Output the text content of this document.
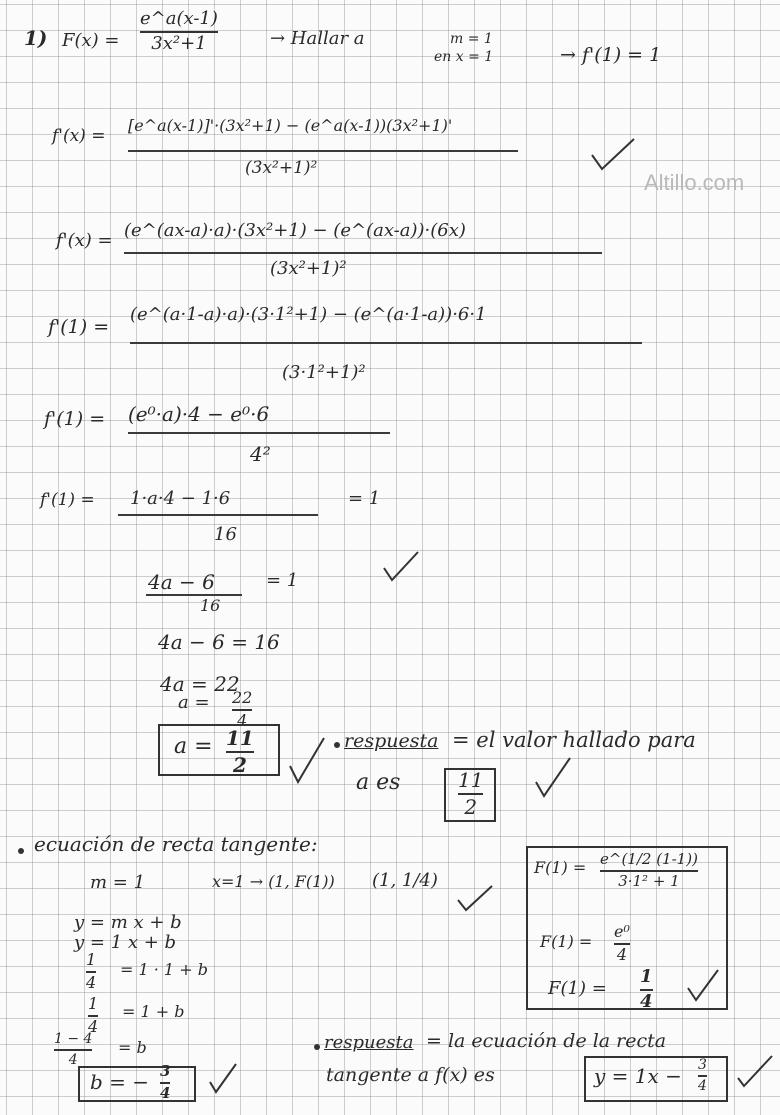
Altillo.com
1) F(x) =
e^a(x-1)
3x²+1	→ Hallar a	m = 1
en x = 1	→ f'(1) = 1
f'(x) =
[e^a(x-1)]'·(3x²+1) − (e^a(x-1))(3x²+1)'
(3x²+1)²
f'(x) = (e^(ax-a)·a)·(3x²+1) − (e^(ax-a))·(6x)
(3x²+1)²
f'(1) =
(e^(a·1-a)·a)·(3·1²+1) − (e^(a·1-a))·6·1
(3·1²+1)²
f'(1) = (e⁰·a)·4 − e⁰·6
4²
f'(1) = 1·a·4 − 1·6	= 1
16
4a − 6	= 1
16
4a − 6 = 16
4a = 22
a = 22
4
a = 11
2
respuesta = el valor hallado para
a es	11
2
ecuación de recta tangente:
m = 1	x=1 → (1, F(1)) (1, 1/4)
y = m x + b
y = 1 x + b
1
4
= 1 · 1 + b
1
4
= 1 + b
1 − 4
4
= b
b = − 3
4
F(1) = e^(1/2 (1-1))
3·1² + 1
F(1) =
e⁰
4
F(1) =
1
4
respuesta = la ecuación de la recta
tangente a f(x) es	y = 1x − 3
4
